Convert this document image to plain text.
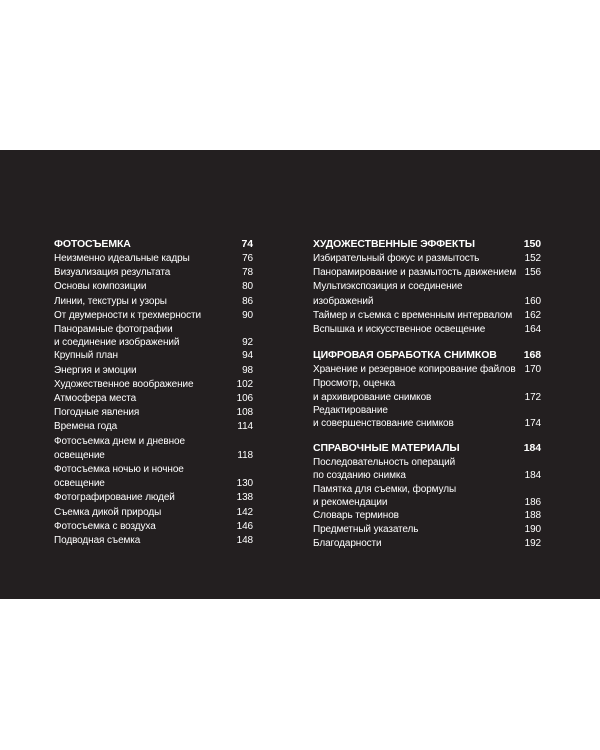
ФОТОСЪЕМКА	74
Неизменно идеальные кадры	76
Визуализация результата	78
Основы композиции	80
Линии, текстуры и узоры	86
От двумерности к трехмерности	90
Панорамные фотографии
и соединение изображений	92
Крупный план	94
Энергия и эмоции	98
Художественное воображение	102
Атмосфера места	106
Погодные явления	108
Времена года	114
Фотосъемка днем и дневное освещение	118
Фотосъемка ночью и ночное освещение	130
Фотографирование людей	138
Съемка дикой природы	142
Фотосъемка с воздуха	146
Подводная съемка	148
ХУДОЖЕСТВЕННЫЕ ЭФФЕКТЫ	150
Избирательный фокус и размытость	152
Панорамирование и размытость движением 156
Мультиэкспозиция и соединение изображений	160
Таймер и съемка с временным интервалом	162
Вспышка и искусственное освещение	164
ЦИФРОВАЯ ОБРАБОТКА СНИМКОВ	168
Хранение и резервное копирование файлов 170
Просмотр, оценка
и архивирование снимков	172
Редактирование
и совершенствование снимков	174
СПРАВОЧНЫЕ МАТЕРИАЛЫ	184
Последовательность операций
по созданию снимка	184
Памятка для съемки, формулы
и рекомендации	186
Словарь терминов	188
Предметный указатель	190
Благодарности	192
